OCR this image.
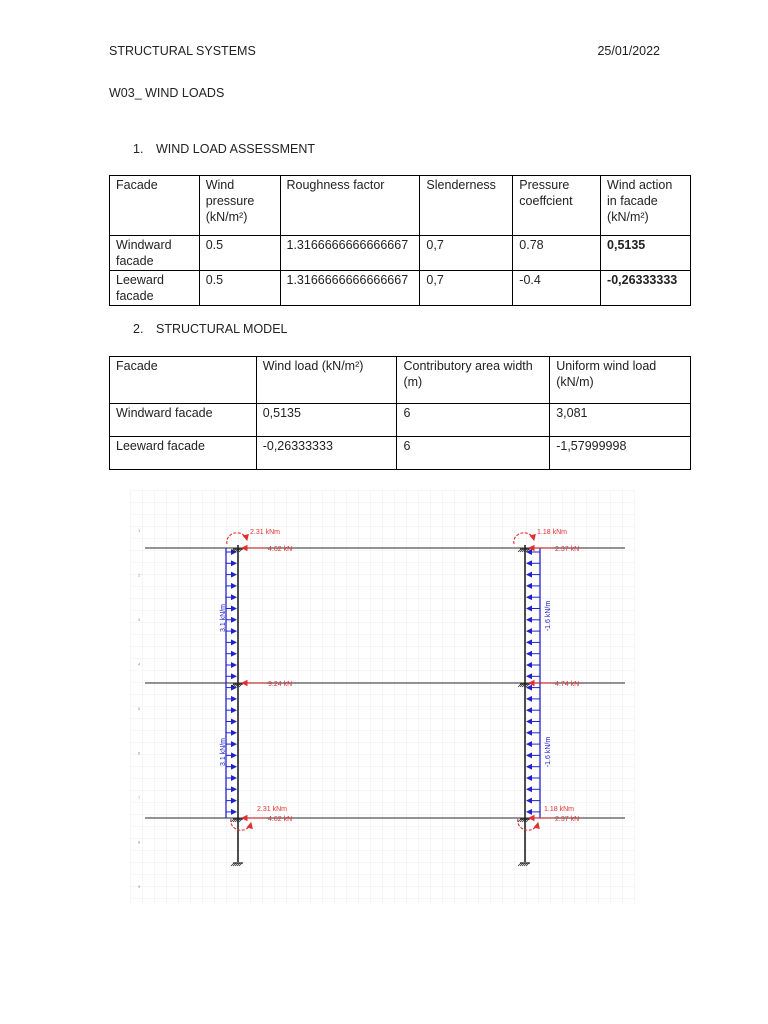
STRUCTURAL SYSTEMS	25/01/2022
W03_ WIND LOADS
1. WIND LOAD ASSESSMENT
Facade	Wind pressure (kN/m²)	Roughness factor	Slenderness	Pressure coeffcient	Wind action in facade (kN/m²)
Windward facade	0.5	1.3166666666666667	0,7	0.78	0,5135
Leeward facade	0.5	1.3166666666666667	0,7	-0.4	-0,26333333
2. STRUCTURAL MODEL
Facade	Wind load (kN/m²)	Contributory area width (m)	Uniform wind load (kN/m)
Windward facade	0,5135	6	3,081
Leeward facade	-0,26333333	6	-1,57999998
1
2
3
4
5
6
7
8
9
3.1 kN/m
3.1 kN/m
-1.6 kN/m
-1.6 kN/m
2.31 kNm
2.31 kNm
1.18 kNm
1.18 kNm
4.62 kN
9.24 kN
4.62 kN
2.37 kN
4.74 kN
2.37 kN
